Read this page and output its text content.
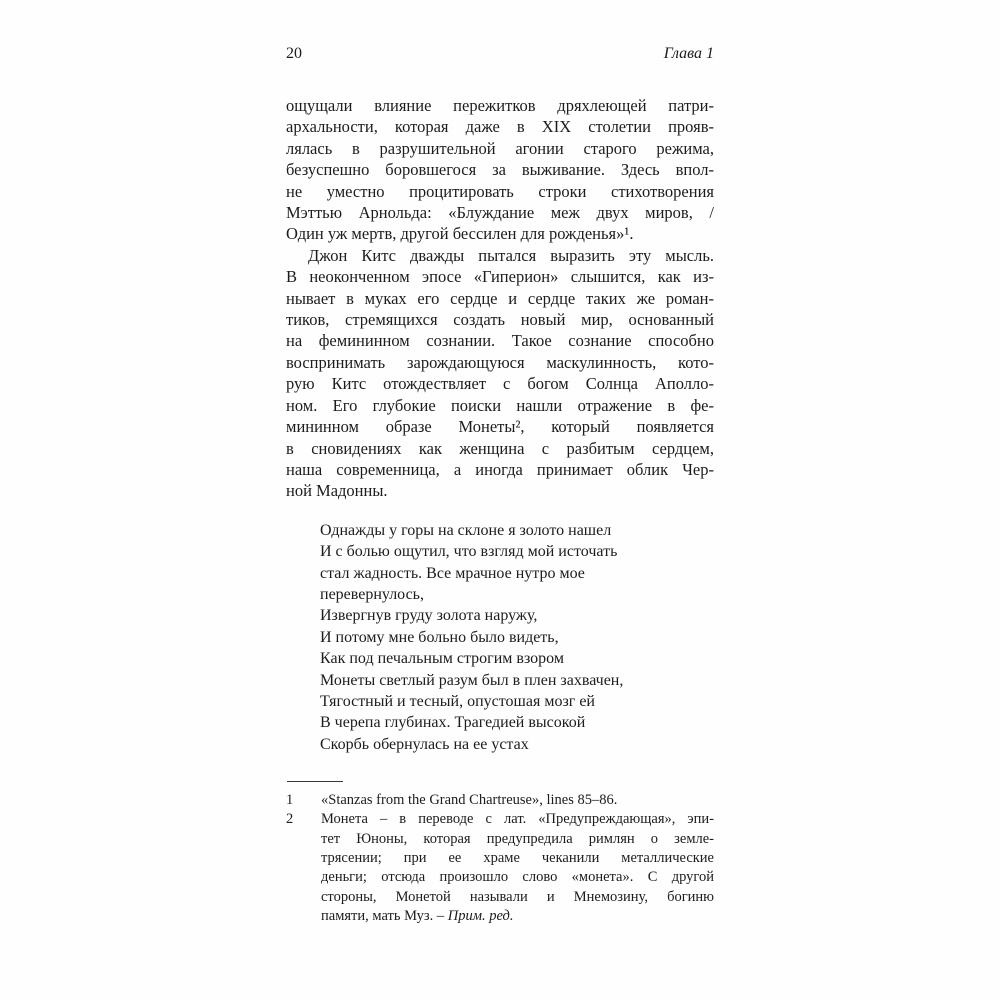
20	Глава 1
ощущали влияние пережитков дряхлеющей патри-
архальности, которая даже в XIX столетии прояв-
лялась в разрушительной агонии старого режима,
безуспешно боровшегося за выживание. Здесь впол-
не уместно процитировать строки стихотворения
Мэттью Арнольда: «Блуждание меж двух миров, /
Один уж мертв, другой бессилен для рожденья»¹.
Джон Китс дважды пытался выразить эту мысль.
В неоконченном эпосе «Гиперион» слышится, как из-
нывает в муках его сердце и сердце таких же роман-
тиков, стремящихся создать новый мир, основанный
на фемининном сознании. Такое сознание способно
воспринимать зарождающуюся маскулинность, кото-
рую Китс отождествляет с богом Солнца Аполло-
ном. Его глубокие поиски нашли отражение в фе-
мининном образе Монеты², который появляется
в сновидениях как женщина с разбитым сердцем,
наша современница, а иногда принимает облик Чер-
ной Мадонны.
Однажды у горы на склоне я золото нашел
И с болью ощутил, что взгляд мой источать
стал жадность. Все мрачное нутро мое
перевернулось,
Извергнув груду золота наружу,
И потому мне больно было видеть,
Как под печальным строгим взором
Монеты светлый разум был в плен захвачен,
Тягостный и тесный, опустошая мозг ей
В черепа глубинах. Трагедией высокой
Скорбь обернулась на ее устах
1	«Stanzas from the Grand Chartreuse», lines 85–86.
2	Монета – в переводе с лат. «Предупреждающая», эпи-
тет Юноны, которая предупредила римлян о земле-
трясении; при ее храме чеканили металлические
деньги; отсюда произошло слово «монета». С другой
стороны, Монетой называли и Мнемозину, богиню
памяти, мать Муз. – Прим. ред.
